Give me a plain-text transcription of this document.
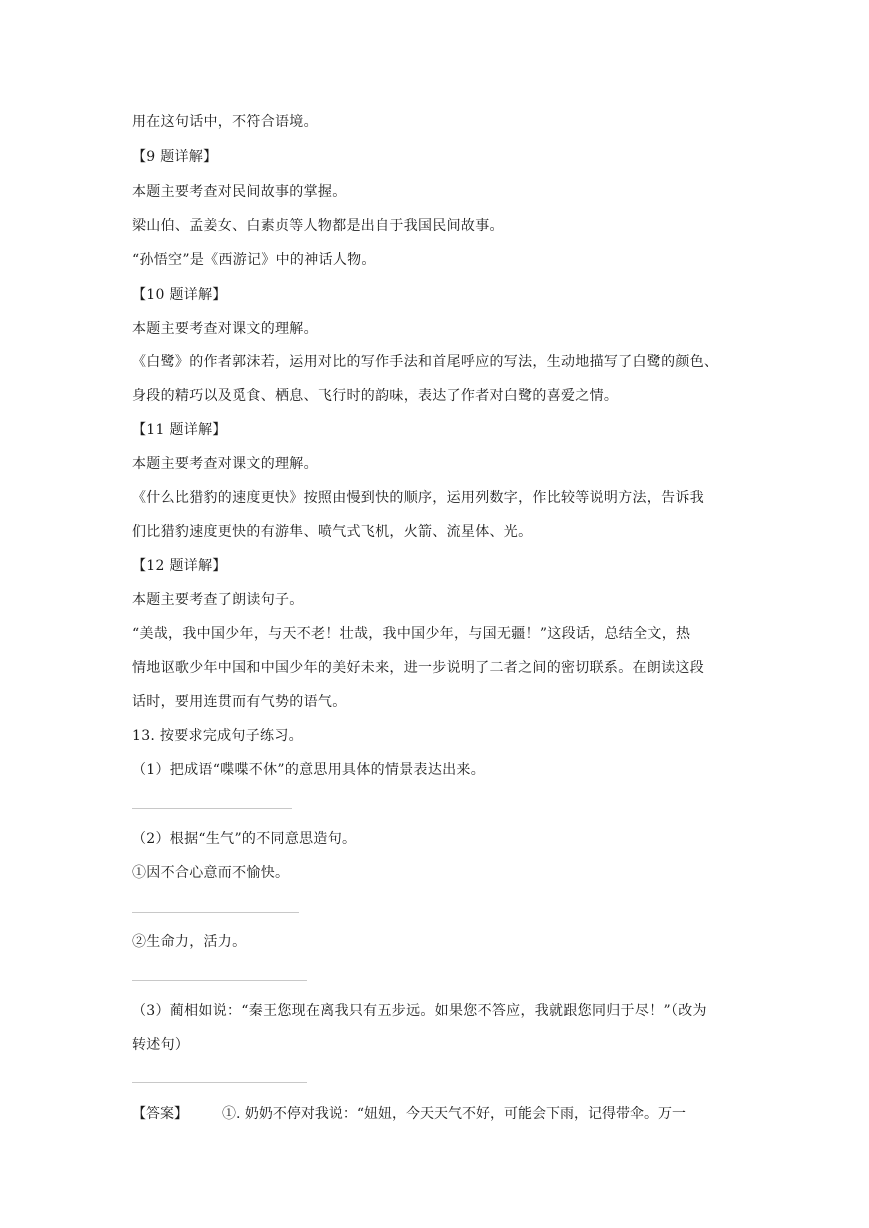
用在这句话中，不符合语境。
【9 题详解】
本题主要考查对民间故事的掌握。
梁山伯、孟姜女、白素贞等人物都是出自于我国民间故事。
“孙悟空”是《西游记》中的神话人物。
【10 题详解】
本题主要考查对课文的理解。
《白鹭》的作者郭沫若，运用对比的写作手法和首尾呼应的写法，生动地描写了白鹭的颜色、
身段的精巧以及觅食、栖息、飞行时的韵味，表达了作者对白鹭的喜爱之情。
【11 题详解】
本题主要考查对课文的理解。
《什么比猎豹的速度更快》按照由慢到快的顺序，运用列数字，作比较等说明方法，告诉我
们比猎豹速度更快的有游隼、喷气式飞机，火箭、流星体、光。
【12 题详解】
本题主要考查了朗读句子。
“美哉，我中国少年，与天不老！壮哉，我中国少年，与国无疆！”这段话，总结全文，热
情地讴歌少年中国和中国少年的美好未来，进一步说明了二者之间的密切联系。在朗读这段
话时，要用连贯而有气势的语气。
13. 按要求完成句子练习。
（1）把成语“喋喋不休”的意思用具体的情景表达出来。
（2）根据“生气”的不同意思造句。
①因不合心意而不愉快。
②生命力，活力。
（3）蔺相如说：“秦王您现在离我只有五步远。如果您不答应，我就跟您同归于尽！”（改为
转述句）
【答案】 ①. 奶奶不停对我说：“妞妞，今天天气不好，可能会下雨，记得带伞。万一
